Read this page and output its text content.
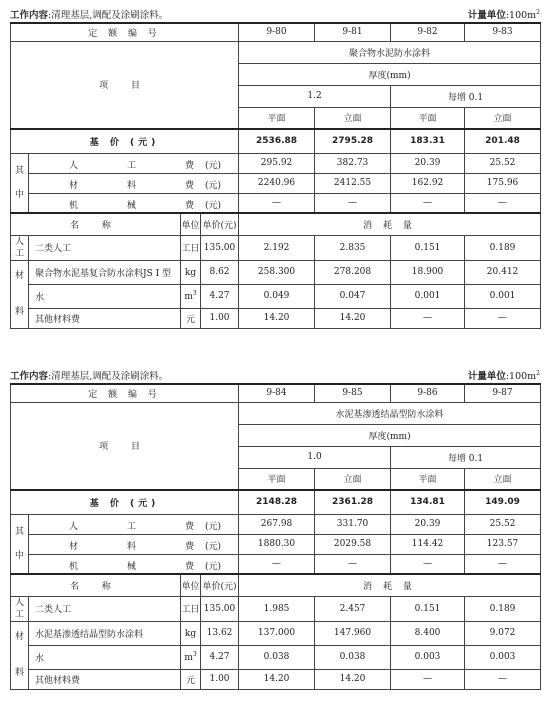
工作内容:清理基层,调配及涂刷涂料。	计量单位$:100m^2$
定 额 编 号				9-80	9-81	9-82	9-83
项 目				聚合物水泥防水涂料			
				厚度(mm)			
				1.2		每增 0.1	
				平面	立面	平面	立面
基 价 (元)				2536.88	2795.28	183.31	201.48
其

中	人 工 费 (元)			295.92	382.73	20.39	25.52

	材 料 费 (元)			2240.96	2412.55	162.92	175.96

	机 械 费 (元)			—	—	—	—
名 称		单位	单价(元)	消 耗 量			
人工	二类人工	工日	135.00	2.192	2.835	0.151	0.189
材

料	聚合物水泥基复合防水涂料JS I 型	kg	8.62	258.300	278.208	18.900	20.412
	水	$m^3$	4.27	0.049	0.047	0.001	0.001
	其他材料费	元	1.00	14.20	14.20	—	—
工作内容:清理基层,调配及涂刷涂料。	计量单位$:100m^2$
定 额 编 号				9-84	9-85	9-86	9-87
项 目				水泥基渗透结晶型防水涂料			
				厚度(mm)			
				1.0		每增 0.1	
				平面	立面	平面	立面
基 价 (元)				2148.28	2361.28	134.81	149.09
其

中	人 工 费 (元)			267.98	331.70	20.39	25.52

	材 料 费 (元)			1880.30	2029.58	114.42	123.57

	机 械 费 (元)			—	—	—	—
名 称		单位	单价(元)	消 耗 量			
人工	二类人工	工日	135.00	1.985	2.457	0.151	0.189
材

料	水泥基渗透结晶型防水涂料	kg	13.62	137.000	147.960	8.400	9.072
	水	$m^3$	4.27	0.038	0.038	0.003	0.003
	其他材料费	元	1.00	14.20	14.20	—	—
